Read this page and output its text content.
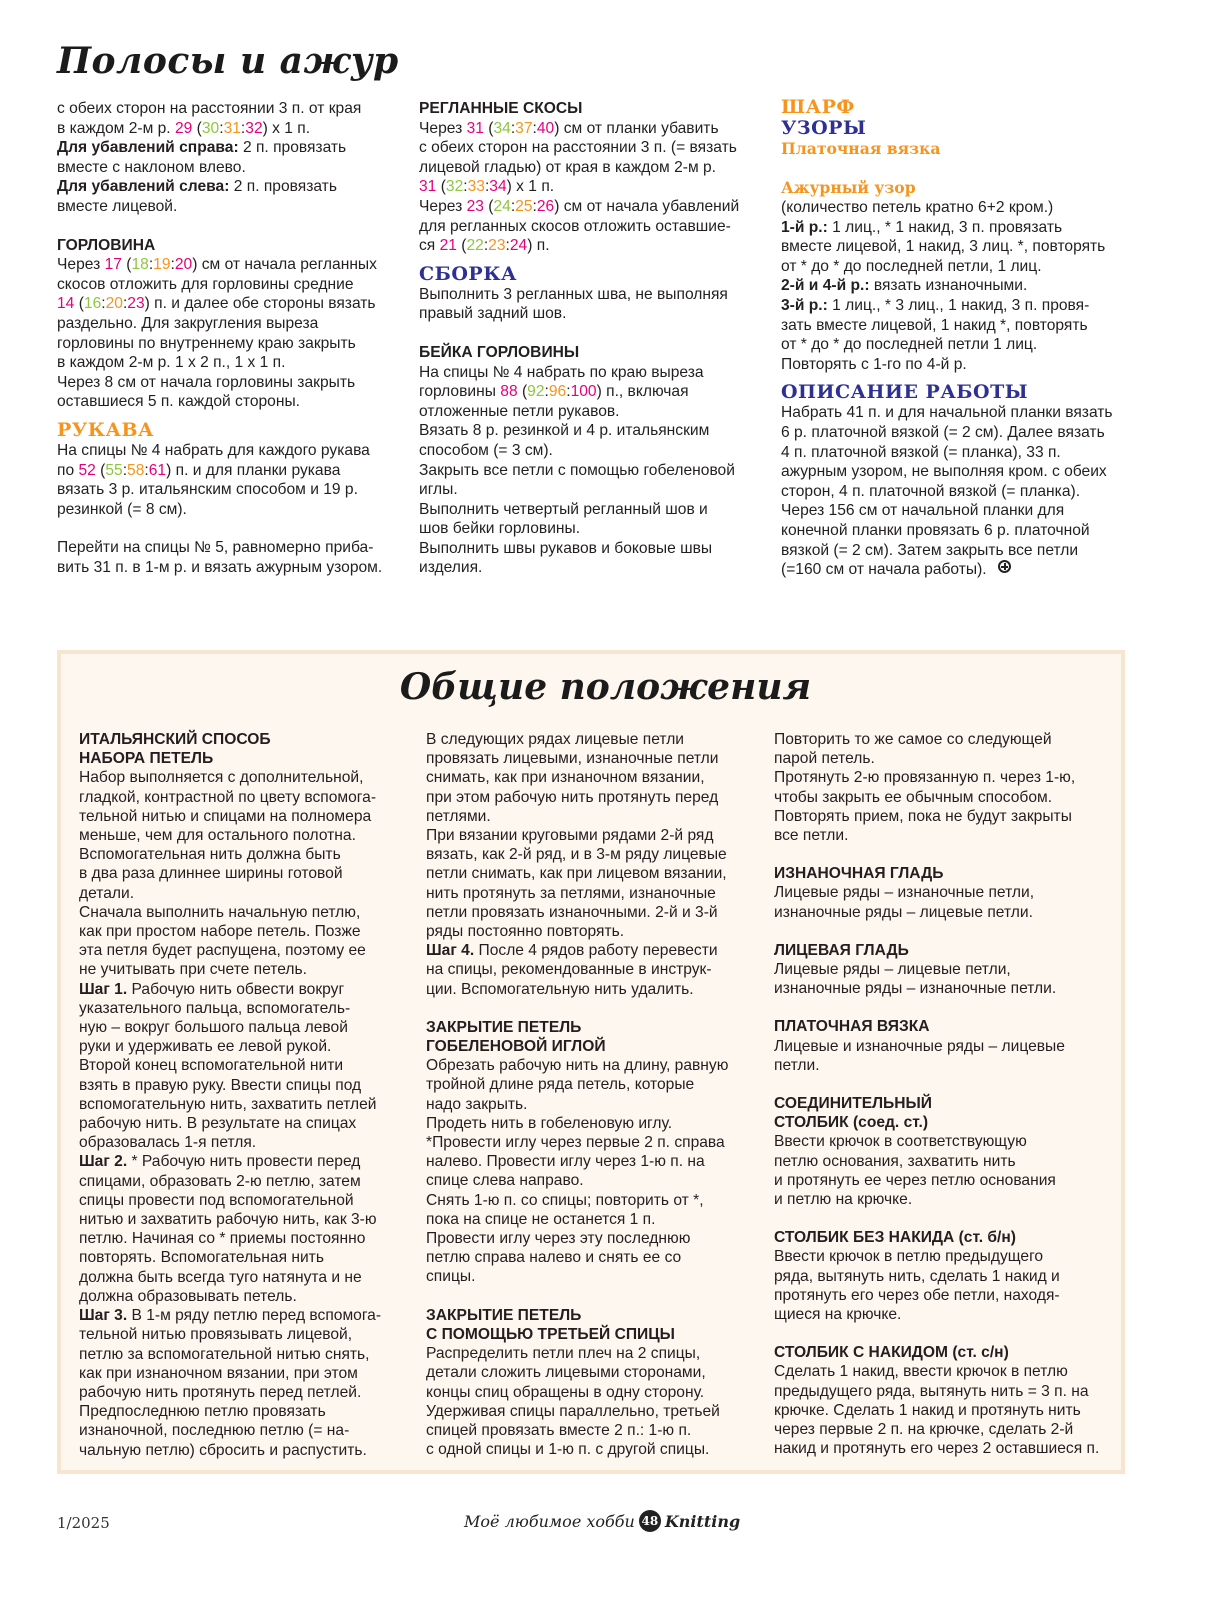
Полосы и ажур

с обеих сторон на расстоянии 3 п. от края

в каждом 2-м р. 29 (30:31:32) х 1 п.

Для убавлений справа: 2 п. провязать

вместе с наклоном влево.

Для убавлений слева: 2 п. провязать

вместе лицевой.

ГОРЛОВИНА

Через 17 (18:19:20) см от начала регланных

скосов отложить для горловины средние

14 (16:20:23) п. и далее обе стороны вязать

раздельно. Для закругления выреза

горловины по внутреннему краю закрыть

в каждом 2-м р. 1 х 2 п., 1 х 1 п.

Через 8 см от начала горловины закрыть

оставшиеся 5 п. каждой стороны.

РУКАВА

На спицы № 4 набрать для каждого рукава

по 52 (55:58:61) п. и для планки рукава

вязать 3 р. итальянским способом и 19 р.

резинкой (= 8 см).

Перейти на спицы № 5, равномерно приба-

вить 31 п. в 1-м р. и вязать ажурным узором.

РЕГЛАННЫЕ СКОСЫ

Через 31 (34:37:40) см от планки убавить

с обеих сторон на расстоянии 3 п. (= вязать

лицевой гладью) от края в каждом 2-м р.

31 (32:33:34) х 1 п.

Через 23 (24:25:26) см от начала убавлений

для регланных скосов отложить оставшие-

ся 21 (22:23:24) п.

СБОРКА

Выполнить 3 регланных шва, не выполняя

правый задний шов.

БЕЙКА ГОРЛОВИНЫ

На спицы № 4 набрать по краю выреза

горловины 88 (92:96:100) п., включая

отложенные петли рукавов.

Вязать 8 р. резинкой и 4 р. итальянским

способом (= 3 см).

Закрыть все петли с помощью гобеленовой

иглы.

Выполнить четвертый регланный шов и

шов бейки горловины.

Выполнить швы рукавов и боковые швы

изделия.

ШАРФ

УЗОРЫ

Платочная вязка

Ажурный узор

(количество петель кратно 6+2 кром.)

1-й р.: 1 лиц., * 1 накид, 3 п. провязать

вместе лицевой, 1 накид, 3 лиц. *, повторять

от * до * до последней петли, 1 лиц.

2-й и 4-й р.: вязать изнаночными.

3-й р.: 1 лиц., * 3 лиц., 1 накид, 3 п. провя-

зать вместе лицевой, 1 накид *, повторять

от * до * до последней петли 1 лиц.

Повторять с 1-го по 4-й р.

ОПИСАНИЕ РАБОТЫ

Набрать 41 п. и для начальной планки вязать

6 р. платочной вязкой (= 2 см). Далее вязать

4 п. платочной вязкой (= планка), 33 п.

ажурным узором, не выполняя кром. с обеих

сторон, 4 п. платочной вязкой (= планка).

Через 156 см от начальной планки для

конечной планки провязать 6 р. платочной

вязкой (= 2 см). Затем закрыть все петли

(=160 см от начала работы).

Общие положения

ИТАЛЬЯНСКИЙ СПОСОБ

НАБОРА ПЕТЕЛЬ

Набор выполняется с дополнительной,

гладкой, контрастной по цвету вспомога-

тельной нитью и спицами на полномера

меньше, чем для остального полотна.

Вспомогательная нить должна быть

в два раза длиннее ширины готовой

детали.

Сначала выполнить начальную петлю,

как при простом наборе петель. Позже

эта петля будет распущена, поэтому ее

не учитывать при счете петель.

Шаг 1. Рабочую нить обвести вокруг

указательного пальца, вспомогатель-

ную – вокруг большого пальца левой

руки и удерживать ее левой рукой.

Второй конец вспомогательной нити

взять в правую руку. Ввести спицы под

вспомогательную нить, захватить петлей

рабочую нить. В результате на спицах

образовалась 1-я петля.

Шаг 2. * Рабочую нить провести перед

спицами, образовать 2-ю петлю, затем

спицы провести под вспомогательной

нитью и захватить рабочую нить, как 3-ю

петлю. Начиная со * приемы постоянно

повторять. Вспомогательная нить

должна быть всегда туго натянута и не

должна образовывать петель.

Шаг 3. В 1-м ряду петлю перед вспомога-

тельной нитью провязывать лицевой,

петлю за вспомогательной нитью снять,

как при изнаночном вязании, при этом

рабочую нить протянуть перед петлей.

Предпоследнюю петлю провязать

изнаночной, последнюю петлю (= на-

чальную петлю) сбросить и распустить.

В следующих рядах лицевые петли

провязать лицевыми, изнаночные петли

снимать, как при изнаночном вязании,

при этом рабочую нить протянуть перед

петлями.

При вязании круговыми рядами 2-й ряд

вязать, как 2-й ряд, и в 3-м ряду лицевые

петли снимать, как при лицевом вязании,

нить протянуть за петлями, изнаночные

петли провязать изнаночными. 2-й и 3-й

ряды постоянно повторять.

Шаг 4. После 4 рядов работу перевести

на спицы, рекомендованные в инструк-

ции. Вспомогательную нить удалить.

ЗАКРЫТИЕ ПЕТЕЛЬ

ГОБЕЛЕНОВОЙ ИГЛОЙ

Обрезать рабочую нить на длину, равную

тройной длине ряда петель, которые

надо закрыть.

Продеть нить в гобеленовую иглу.

*Провести иглу через первые 2 п. справа

налево. Провести иглу через 1-ю п. на

спице слева направо.

Снять 1-ю п. со спицы; повторить от *,

пока на спице не останется 1 п.

Провести иглу через эту последнюю

петлю справа налево и снять ее со

спицы.

ЗАКРЫТИЕ ПЕТЕЛЬ

С ПОМОЩЬЮ ТРЕТЬЕЙ СПИЦЫ

Распределить петли плеч на 2 спицы,

детали сложить лицевыми сторонами,

концы спиц обращены в одну сторону.

Удерживая спицы параллельно, третьей

спицей провязать вместе 2 п.: 1-ю п.

с одной спицы и 1-ю п. с другой спицы.

Повторить то же самое со следующей

парой петель.

Протянуть 2-ю провязанную п. через 1-ю,

чтобы закрыть ее обычным способом.

Повторять прием, пока не будут закрыты

все петли.

ИЗНАНОЧНАЯ ГЛАДЬ

Лицевые ряды – изнаночные петли,

изнаночные ряды – лицевые петли.

ЛИЦЕВАЯ ГЛАДЬ

Лицевые ряды – лицевые петли,

изнаночные ряды – изнаночные петли.

ПЛАТОЧНАЯ ВЯЗКА

Лицевые и изнаночные ряды – лицевые

петли.

СОЕДИНИТЕЛЬНЫЙ

СТОЛБИК (соед. ст.)

Ввести крючок в соответствующую

петлю основания, захватить нить

и протянуть ее через петлю основания

и петлю на крючке.

СТОЛБИК БЕЗ НАКИДА (ст. б/н)

Ввести крючок в петлю предыдущего

ряда, вытянуть нить, сделать 1 накид и

протянуть его через обе петли, находя-

щиеся на крючке.

СТОЛБИК С НАКИДОМ (ст. с/н)

Сделать 1 накид, ввести крючок в петлю

предыдущего ряда, вытянуть нить = 3 п. на

крючке. Сделать 1 накид и протянуть нить

через первые 2 п. на крючке, сделать 2-й

накид и протянуть его через 2 оставшиеся п.

1/2025	Моё любимое хобби 48 Knitting
